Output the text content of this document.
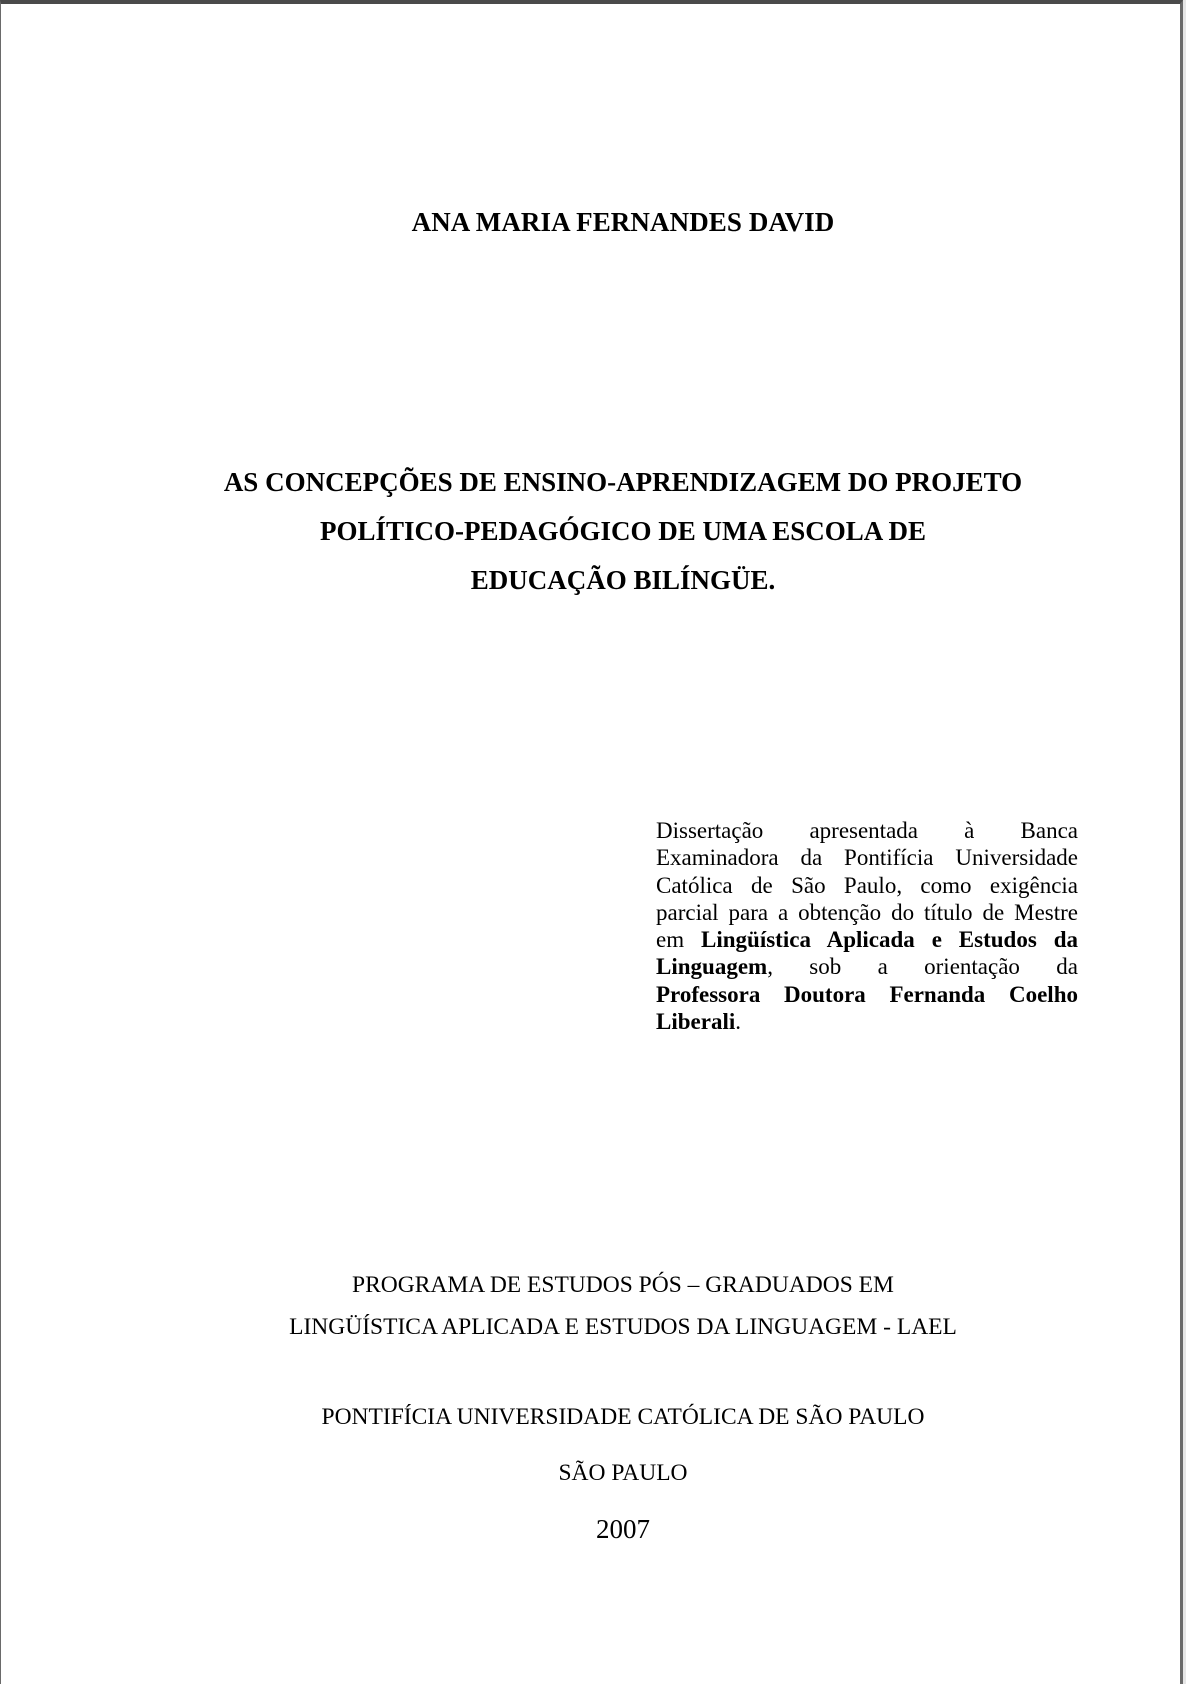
ANA MARIA FERNANDES DAVID
AS CONCEPÇÕES DE ENSINO-APRENDIZAGEM DO PROJETO
POLÍTICO-PEDAGÓGICO DE UMA ESCOLA DE
EDUCAÇÃO BILÍNGÜE.
Dissertação apresentada à Banca
Examinadora da Pontifícia Universidade
Católica de São Paulo, como exigência
parcial para a obtenção do título de Mestre
em Lingüística Aplicada e Estudos da
Linguagem, sob a orientação da
Professora Doutora Fernanda Coelho
Liberali.
PROGRAMA DE ESTUDOS PÓS – GRADUADOS EM
LINGÜÍSTICA APLICADA E ESTUDOS DA LINGUAGEM - LAEL
PONTIFÍCIA UNIVERSIDADE CATÓLICA DE SÃO PAULO
SÃO PAULO
2007
